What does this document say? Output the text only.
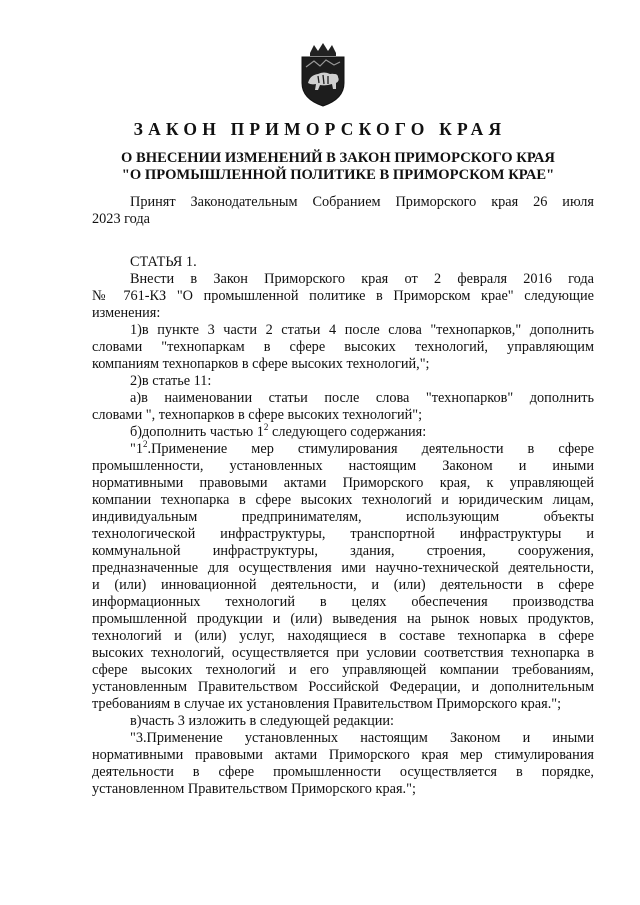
ЗАКОН ПРИМОРСКОГО КРАЯ
О ВНЕСЕНИИ ИЗМЕНЕНИЙ В ЗАКОН ПРИМОРСКОГО КРАЯ
"О ПРОМЫШЛЕННОЙ ПОЛИТИКЕ В ПРИМОРСКОМ КРАЕ"
Принят Законодательным Собранием Приморского края 26 июля
2023 года
СТАТЬЯ 1.
Внести в Закон Приморского края от 2 февраля 2016 года
№ 761-КЗ "О промышленной политике в Приморском крае" следующие
изменения:
1)в пункте 3 части 2 статьи 4 после слова "технопарков," дополнить
словами "технопаркам в сфере высоких технологий, управляющим
компаниям технопарков в сфере высоких технологий,";
2)в статье 11:
а)в наименовании статьи после слова "технопарков" дополнить
словами ", технопарков в сфере высоких технологий";
б)дополнить частью $1^2$ следующего содержания:
"$1^2.Применение$ мер стимулирования деятельности в сфере
промышленности, установленных настоящим Законом и иными
нормативными правовыми актами Приморского края, к управляющей
компании технопарка в сфере высоких технологий и юридическим лицам,
индивидуальным предпринимателям, использующим объекты
технологической инфраструктуры, транспортной инфраструктуры и
коммунальной инфраструктуры, здания, строения, сооружения,
предназначенные для осуществления ими научно-технической деятельности,
и (или) инновационной деятельности, и (или) деятельности в сфере
информационных технологий в целях обеспечения производства
промышленной продукции и (или) выведения на рынок новых продуктов,
технологий и (или) услуг, находящиеся в составе технопарка в сфере
высоких технологий, осуществляется при условии соответствия технопарка в
сфере высоких технологий и его управляющей компании требованиям,
установленным Правительством Российской Федерации, и дополнительным
требованиям в случае их установления Правительством Приморского края.";
в)часть 3 изложить в следующей редакции:
"3.Применение установленных настоящим Законом и иными
нормативными правовыми актами Приморского края мер стимулирования
деятельности в сфере промышленности осуществляется в порядке,
установленном Правительством Приморского края.";
